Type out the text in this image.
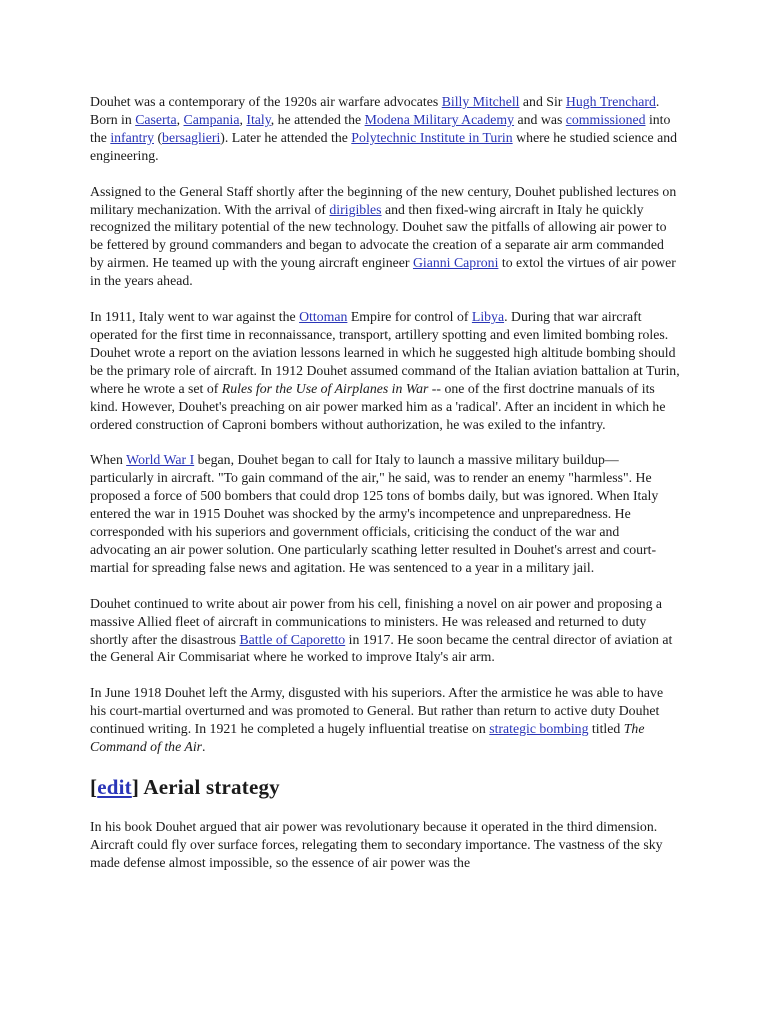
Douhet was a contemporary of the 1920s air warfare advocates Billy Mitchell and Sir Hugh Trenchard. Born in Caserta, Campania, Italy, he attended the Modena Military Academy and was commissioned into the infantry (bersaglieri). Later he attended the Polytechnic Institute in Turin where he studied science and engineering.

Assigned to the General Staff shortly after the beginning of the new century, Douhet published lectures on military mechanization. With the arrival of dirigibles and then fixed-wing aircraft in Italy he quickly recognized the military potential of the new technology. Douhet saw the pitfalls of allowing air power to be fettered by ground commanders and began to advocate the creation of a separate air arm commanded by airmen. He teamed up with the young aircraft engineer Gianni Caproni to extol the virtues of air power in the years ahead.

In 1911, Italy went to war against the Ottoman Empire for control of Libya. During that war aircraft operated for the first time in reconnaissance, transport, artillery spotting and even limited bombing roles. Douhet wrote a report on the aviation lessons learned in which he suggested high altitude bombing should be the primary role of aircraft. In 1912 Douhet assumed command of the Italian aviation battalion at Turin, where he wrote a set of Rules for the Use of Airplanes in War -- one of the first doctrine manuals of its kind. However, Douhet's preaching on air power marked him as a 'radical'. After an incident in which he ordered construction of Caproni bombers without authorization, he was exiled to the infantry.

When World War I began, Douhet began to call for Italy to launch a massive military buildup—particularly in aircraft. "To gain command of the air," he said, was to render an enemy "harmless". He proposed a force of 500 bombers that could drop 125 tons of bombs daily, but was ignored. When Italy entered the war in 1915 Douhet was shocked by the army's incompetence and unpreparedness. He corresponded with his superiors and government officials, criticising the conduct of the war and advocating an air power solution. One particularly scathing letter resulted in Douhet's arrest and court-martial for spreading false news and agitation. He was sentenced to a year in a military jail.

Douhet continued to write about air power from his cell, finishing a novel on air power and proposing a massive Allied fleet of aircraft in communications to ministers. He was released and returned to duty shortly after the disastrous Battle of Caporetto in 1917. He soon became the central director of aviation at the General Air Commisariat where he worked to improve Italy's air arm.

In June 1918 Douhet left the Army, disgusted with his superiors. After the armistice he was able to have his court-martial overturned and was promoted to General. But rather than return to active duty Douhet continued writing. In 1921 he completed a hugely influential treatise on strategic bombing titled The Command of the Air.

[edit] Aerial strategy

In his book Douhet argued that air power was revolutionary because it operated in the third dimension. Aircraft could fly over surface forces, relegating them to secondary importance. The vastness of the sky made defense almost impossible, so the essence of air power was the
